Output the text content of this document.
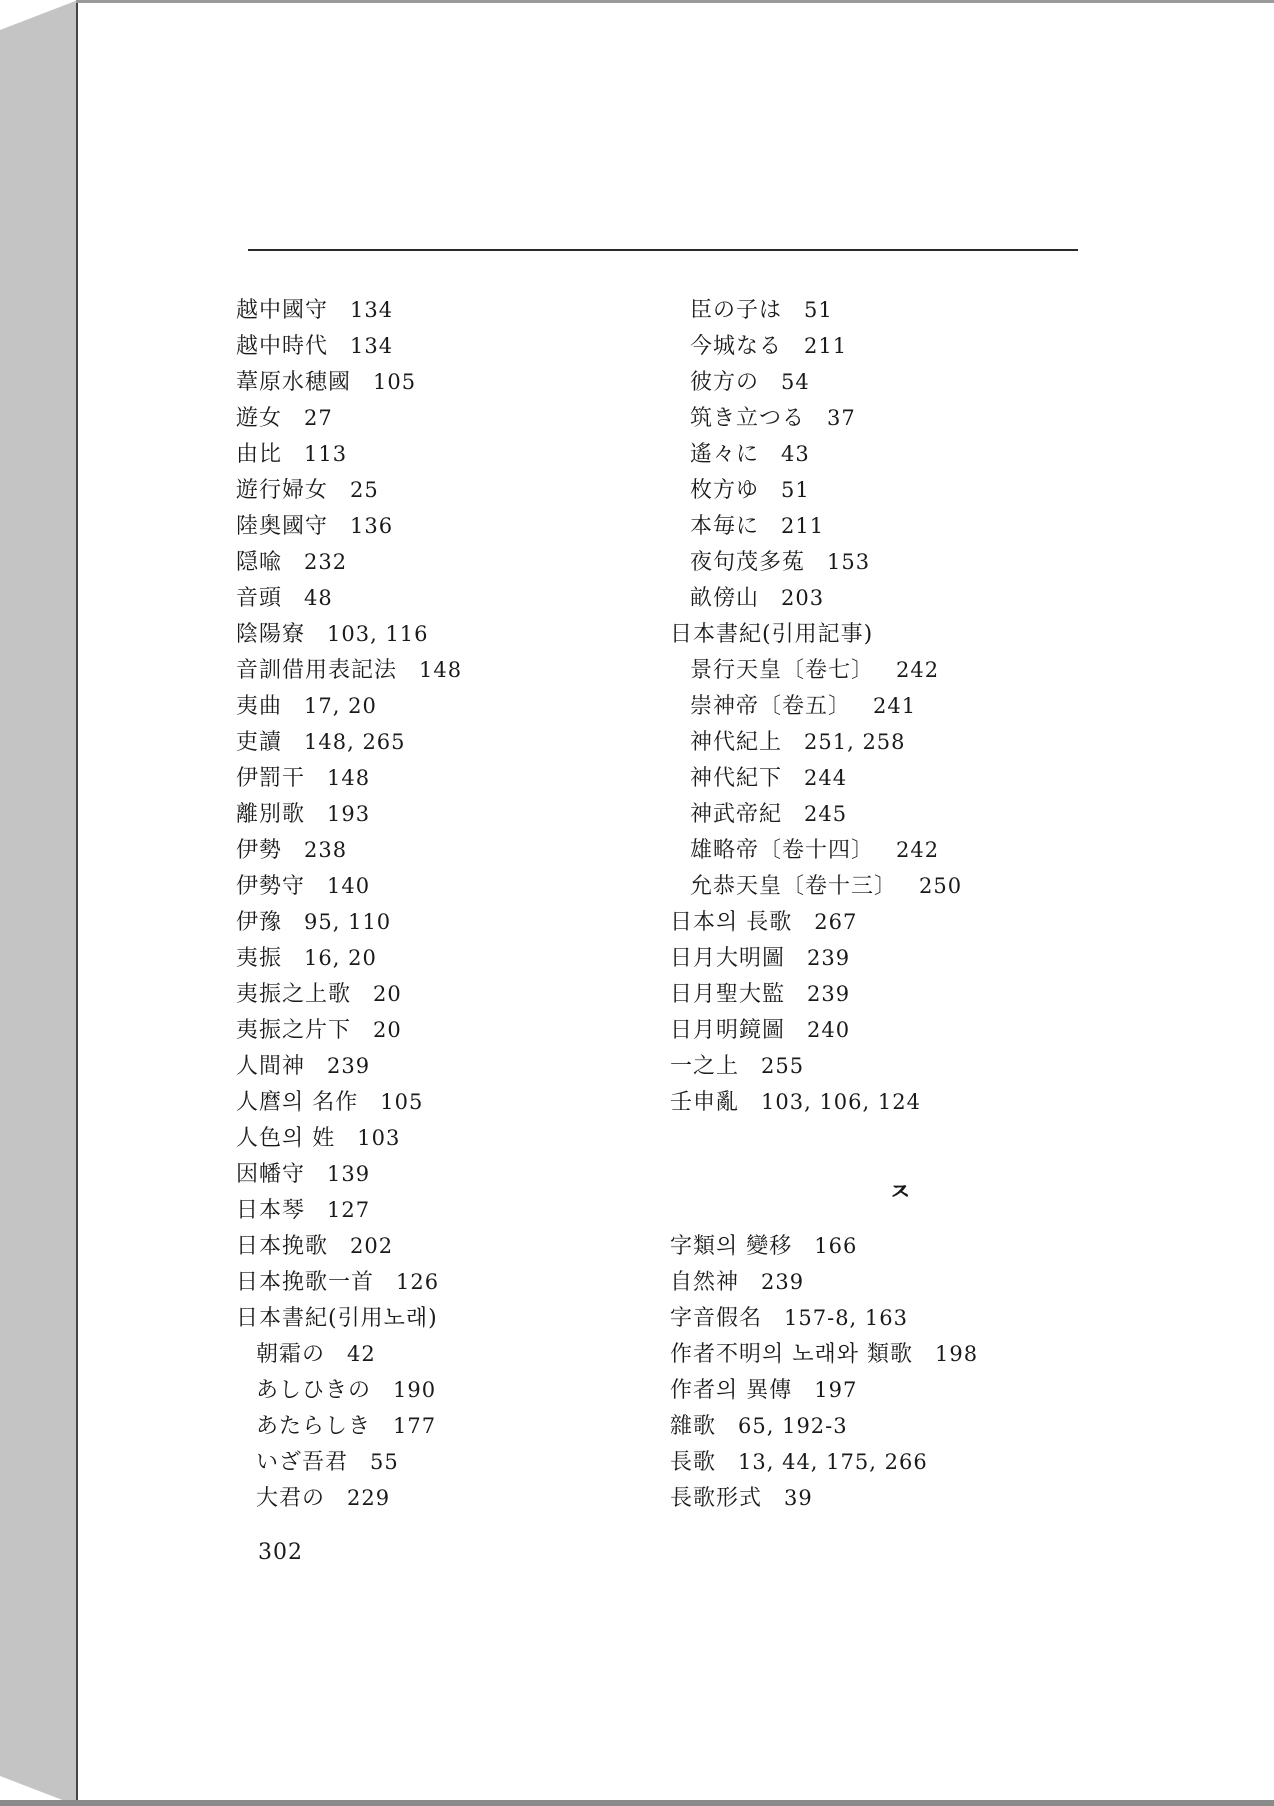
越中國守 134
越中時代 134
葦原水穂國 105
遊女 27
由比 113
遊行婦女 25
陸奥國守 136
隠喩 232
音頭 48
陰陽寮 103, 116
音訓借用表記法 148
夷曲 17, 20
吏讀 148, 265
伊罰干 148
離別歌 193
伊勢 238
伊勢守 140
伊豫 95, 110
夷振 16, 20
夷振之上歌 20
夷振之片下 20
人間神 239
人麿의 名作 105
人色의 姓 103
因幡守 139
日本琴 127
日本挽歌 202
日本挽歌一首 126
日本書紀(引用노래)
朝霜の 42
あしひきの 190
あたらしき 177
いざ吾君 55
大君の 229
臣の子は 51
今城なる 211
彼方の 54
筑き立つる 37
遙々に 43
枚方ゆ 51
本毎に 211
夜句茂多菟 153
畝傍山 203
日本書紀(引用記事)
景行天皇〔卷七〕 242
崇神帝〔卷五〕 241
神代紀上 251, 258
神代紀下 244
神武帝紀 245
雄略帝〔卷十四〕 242
允恭天皇〔卷十三〕 250
日本의 長歌 267
日月大明圖 239
日月聖大監 239
日月明鏡圖 240
一之上 255
壬申亂 103, 106, 124
ㅈ
字類의 變移 166
自然神 239
字音假名 157-8, 163
作者不明의 노래와 類歌 198
作者의 異傳 197
雜歌 65, 192-3
長歌 13, 44, 175, 266
長歌形式 39
302
